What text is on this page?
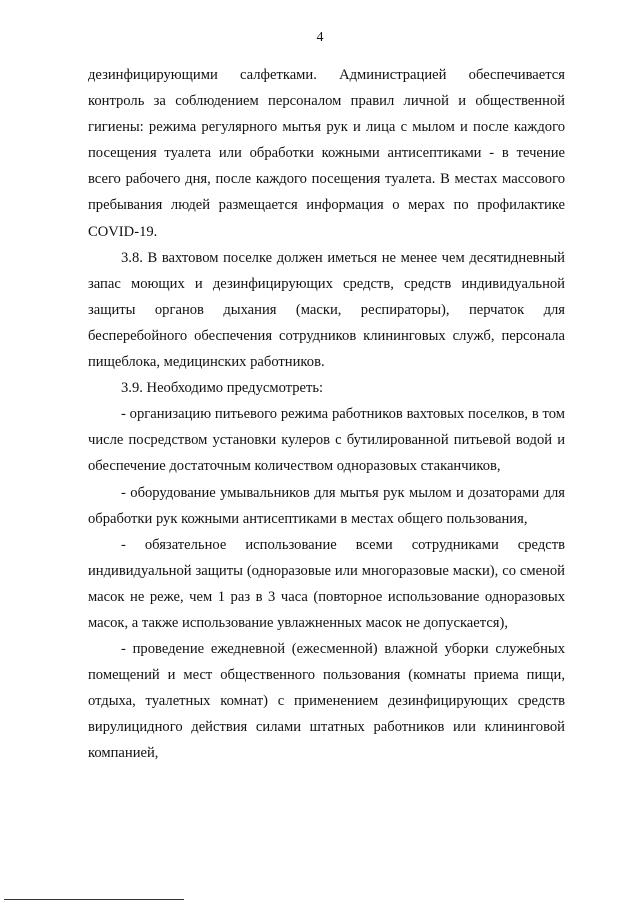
4

дезинфицирующими салфетками. Администрацией обеспечивается контроль за соблюдением персоналом правил личной и общественной гигиены: режима регулярного мытья рук и лица с мылом и после каждого посещения туалета или обработки кожными антисептиками - в течение всего рабочего дня, после каждого посещения туалета. В местах массового пребывания людей размещается информация о мерах по профилактике COVID-19.

3.8. В вахтовом поселке должен иметься не менее чем десятидневный запас моющих и дезинфицирующих средств, средств индивидуальной защиты органов дыхания (маски, респираторы), перчаток для бесперебойного обеспечения сотрудников клининговых служб, персонала пищеблока, медицинских работников.

3.9. Необходимо предусмотреть:

- организацию питьевого режима работников вахтовых поселков, в том числе посредством установки кулеров с бутилированной питьевой водой и обеспечение достаточным количеством одноразовых стаканчиков,

- оборудование умывальников для мытья рук мылом и дозаторами для обработки рук кожными антисептиками в местах общего пользования,

- обязательное использование всеми сотрудниками средств индивидуальной защиты (одноразовые или многоразовые маски), со сменой масок не реже, чем 1 раз в 3 часа (повторное использование одноразовых масок, а также использование увлажненных масок не допускается),

- проведение ежедневной (ежесменной) влажной уборки служебных помещений и мест общественного пользования (комнаты приема пищи, отдыха, туалетных комнат) с применением дезинфицирующих средств вирулицидного действия силами штатных работников или клининговой компанией,
